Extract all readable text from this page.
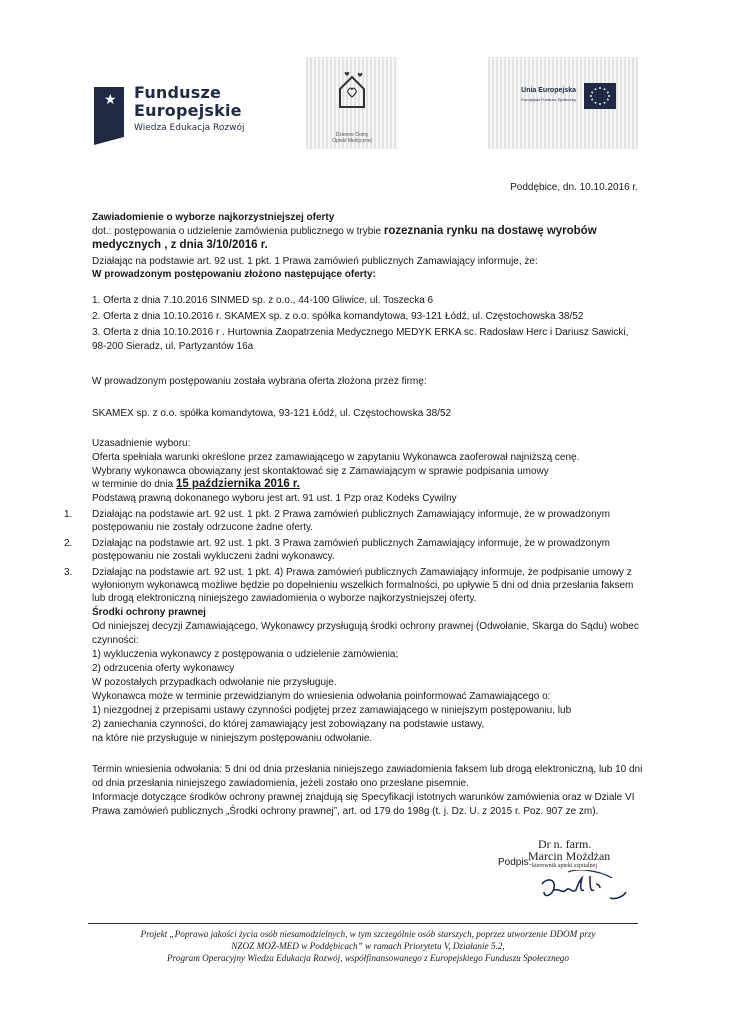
★ Fundusze
Europejskie
Wiedza Edukacja Rozwój
Dzienne Domy
Opieki Medycznej
Unia Europejska
Europejski Fundusz Społeczny
Poddębice, dn. 10.10.2016 r.
Zawiadomienie o wyborze najkorzystniejszej oferty
dot.: postępowania o udzielenie zamówienia publicznego w trybie rozeznania rynku na dostawę wyrobów
medycznych , z dnia 3/10/2016 r.
Działając na podstawie art. 92 ust. 1 pkt. 1 Prawa zamówień publicznych Zamawiający informuje, że:
W prowadzonym postępowaniu złożono następujące oferty:
1. Oferta z dnia 7.10.2016 SINMED sp. z o.o., 44-100 Gliwice, ul. Toszecka 6
2. Oferta z dnia 10.10.2016 r. SKAMEX sp. z o.o. spółka komandytowa, 93-121 Łódź, ul. Częstochowska 38/52
3. Oferta z dnia 10.10.2016 r . Hurtownia Zaopatrzenia Medycznego MEDYK ERKA sc. Radosław Herc i Dariusz Sawicki,
98-200 Sieradz, ul. Partyzantów 16a
W prowadzonym postępowaniu została wybrana oferta złożona przez firmę:
SKAMEX sp. z o.o. spółka komandytowa, 93-121 Łódź, ul. Częstochowska 38/52
Uzasadnienie wyboru:
Oferta spełniała warunki określone przez zamawiającego w zapytaniu Wykonawca zaoferował najniższą cenę.
Wybrany wykonawca obowiązany jest skontaktować się z Zamawiającym w sprawie podpisania umowy
w terminie do dnia 15 października 2016 r.
Podstawą prawną dokonanego wyboru jest art. 91 ust. 1 Pzp oraz Kodeks Cywilny
1. Działając na podstawie art. 92 ust. 1 pkt. 2 Prawa zamówień publicznych Zamawiający informuje, że w prowadzonym
postępowaniu nie zostały odrzucone żadne oferty.
2. Działając na podstawie art. 92 ust. 1 pkt. 3 Prawa zamówień publicznych Zamawiający informuje, że w prowadzonym
postępowaniu nie zostali wykluczeni żadni wykonawcy.
3. Działając na podstawie art. 92 ust. 1 pkt. 4) Prawa zamówień publicznych Zamawiający informuje, że podpisanie umowy z
wyłonionym wykonawcą możliwe będzie po dopełnieniu wszelkich formalności, po upływie 5 dni od dnia przesłania faksem
lub drogą elektroniczną niniejszego zawiadomienia o wyborze najkorzystniejszej oferty.
Środki ochrony prawnej
Od niniejszej decyzji Zamawiającego, Wykonawcy przysługują środki ochrony prawnej (Odwołanie, Skarga do Sądu) wobec
czynności:
1) wykluczenia wykonawcy z postępowania o udzielenie zamówienia;
2) odrzucenia oferty wykonawcy
W pozostałych przypadkach odwołanie nie przysługuje.
Wykonawca może w terminie przewidzianym do wniesienia odwołania poinformować Zamawiającego o:
1) niezgodnej z przepisami ustawy czynności podjętej przez zamawiającego w niniejszym postępowaniu, lub
2) zaniechania czynności, do której zamawiający jest zobowiązany na podstawie ustawy,
na które nie przysługuje w niniejszym postępowaniu odwołanie.
Termin wniesienia odwołania: 5 dni od dnia przesłania niniejszego zawiadomienia faksem lub drogą elektroniczną, lub 10 dni
od dnia przesłania niniejszego zawiadomienia, jeżeli zostało ono przesłane pisemnie.
Informacje dotyczące środków ochrony prawnej znajdują się Specyfikacji istotnych warunków zamówienia oraz w Dziale VI
Prawa zamówień publicznych „Środki ochrony prawnej”, art. od 179 do 198g (t. j. Dz. U. z 2015 r. Poz. 907 ze zm).
Dr n. farm.
Marcin Możdżan
kierownik apteki szpitalnej
Podpis:
Projekt „Poprawa jakości życia osób niesamodzielnych, w tym szczególnie osób starszych, poprzez utworzenie DDOM przy
NZOZ MOŻ-MED w Poddębicach” w ramach Priorytetu V, Działanie 5.2,
Program Operacyjny Wiedza Edukacja Rozwój, współfinansowanego z Europejskiego Funduszu Społecznego
